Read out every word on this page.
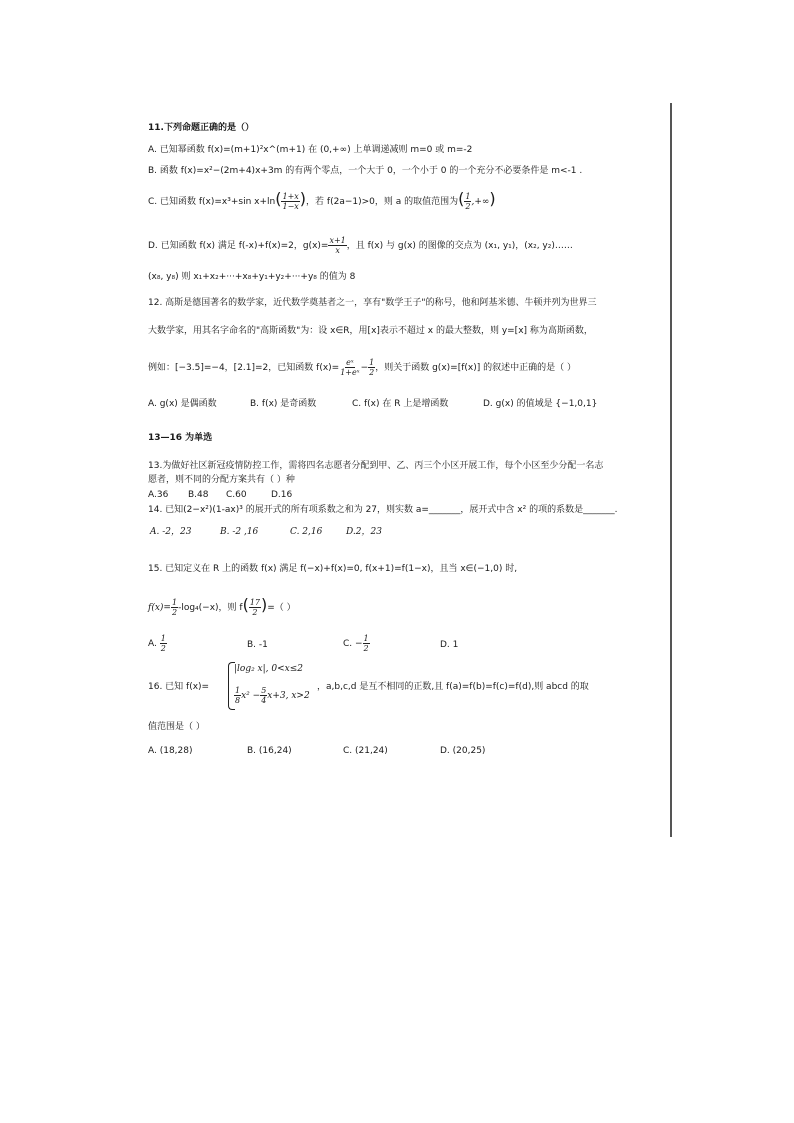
11.下列命题正确的是（）
A. 已知幂函数 f(x)=(m+1)²x^(m+1) 在 (0,+∞) 上单调递减则 m=0 或 m=-2
B. 函数 f(x)=x²−(2m+4)x+3m 的有两个零点，一个大于 0，一个小于 0 的一个充分不必要条件是 m<-1 .
C. 已知函数 f(x)=x³+sin $x+\ln( \frac{1+x}{1-x}$ )，若 f(2a−1)>0，则 a 的取值范围为( $\frac{1}{2}$ ,+∞)
D. 已知函数 f(x) 满足 f(-x)+f(x)=2，$g(x)= \frac{x+1}{x}$ ，且 f(x) 与 g(x) 的图像的交点为 (x₁, y₁)，(x₂, y₂)……
(x₈, y₈) 则 x₁+x₂+···+x₈+y₁+y₂+···+y₈ 的值为 8
12. 高斯是德国著名的数学家，近代数学奠基者之一，享有"数学王子"的称号，他和阿基米德、牛顿并列为世界三
大数学家，用其名字命名的"高斯函数"为：设 x∈R，用[x]表示不超过 x 的最大整数，则 y=[x] 称为高斯函数，
例如：[−3.5]=−4，[2.1]=2，已知函数 $f(x)= \frac{\text{eˣ}}{\text{1+eˣ}} - \frac{1}{2}$ ，则关于函数 g(x)=[f(x)] 的叙述中正确的是（ ）
A. g(x) 是偶函数	B. f(x) 是奇函数	C. f(x) 在 R 上是增函数	D. g(x) 的值域是 {−1,0,1}
13—16 为单选
13.为做好社区新冠疫情防控工作，需将四名志愿者分配到甲、乙、丙三个小区开展工作，每个小区至少分配一名志
愿者，则不同的分配方案共有（ ）种
A.36 B.48 C.60	D.16
14. 已知(2−x²)(1-ax)³ 的展开式的所有项系数之和为 27，则实数 a=_______，展开式中含 x² 的项的系数是_______.
A. -2，23	B. -2 ,16	C. 2,16	D.2，23
15. 已知定义在 R 上的函数 f(x) 满足 f(−x)+f(x)=0, f(x+1)=f(1−x)，且当 x∈(−1,0) 时,
$f(x)= \frac{1}{2} -\log_4(-x)$，则 $f( \frac{17}{2}$ )=（ ）
A. $\frac{1}{2}$	B. -1	C. − $\frac{1}{2}$	D. 1
16. 已知 f(x)=
|log₂ x|, 0<x≤2
$\frac{1}{8} x^2 - \frac{5}{4} x+3$, x>2
，a,b,c,d 是互不相同的正数,且 f(a)=f(b)=f(c)=f(d),则 abcd 的取
值范围是（ ）
A. (18,28)	B. (16,24)	C. (21,24)	D. (20,25)
